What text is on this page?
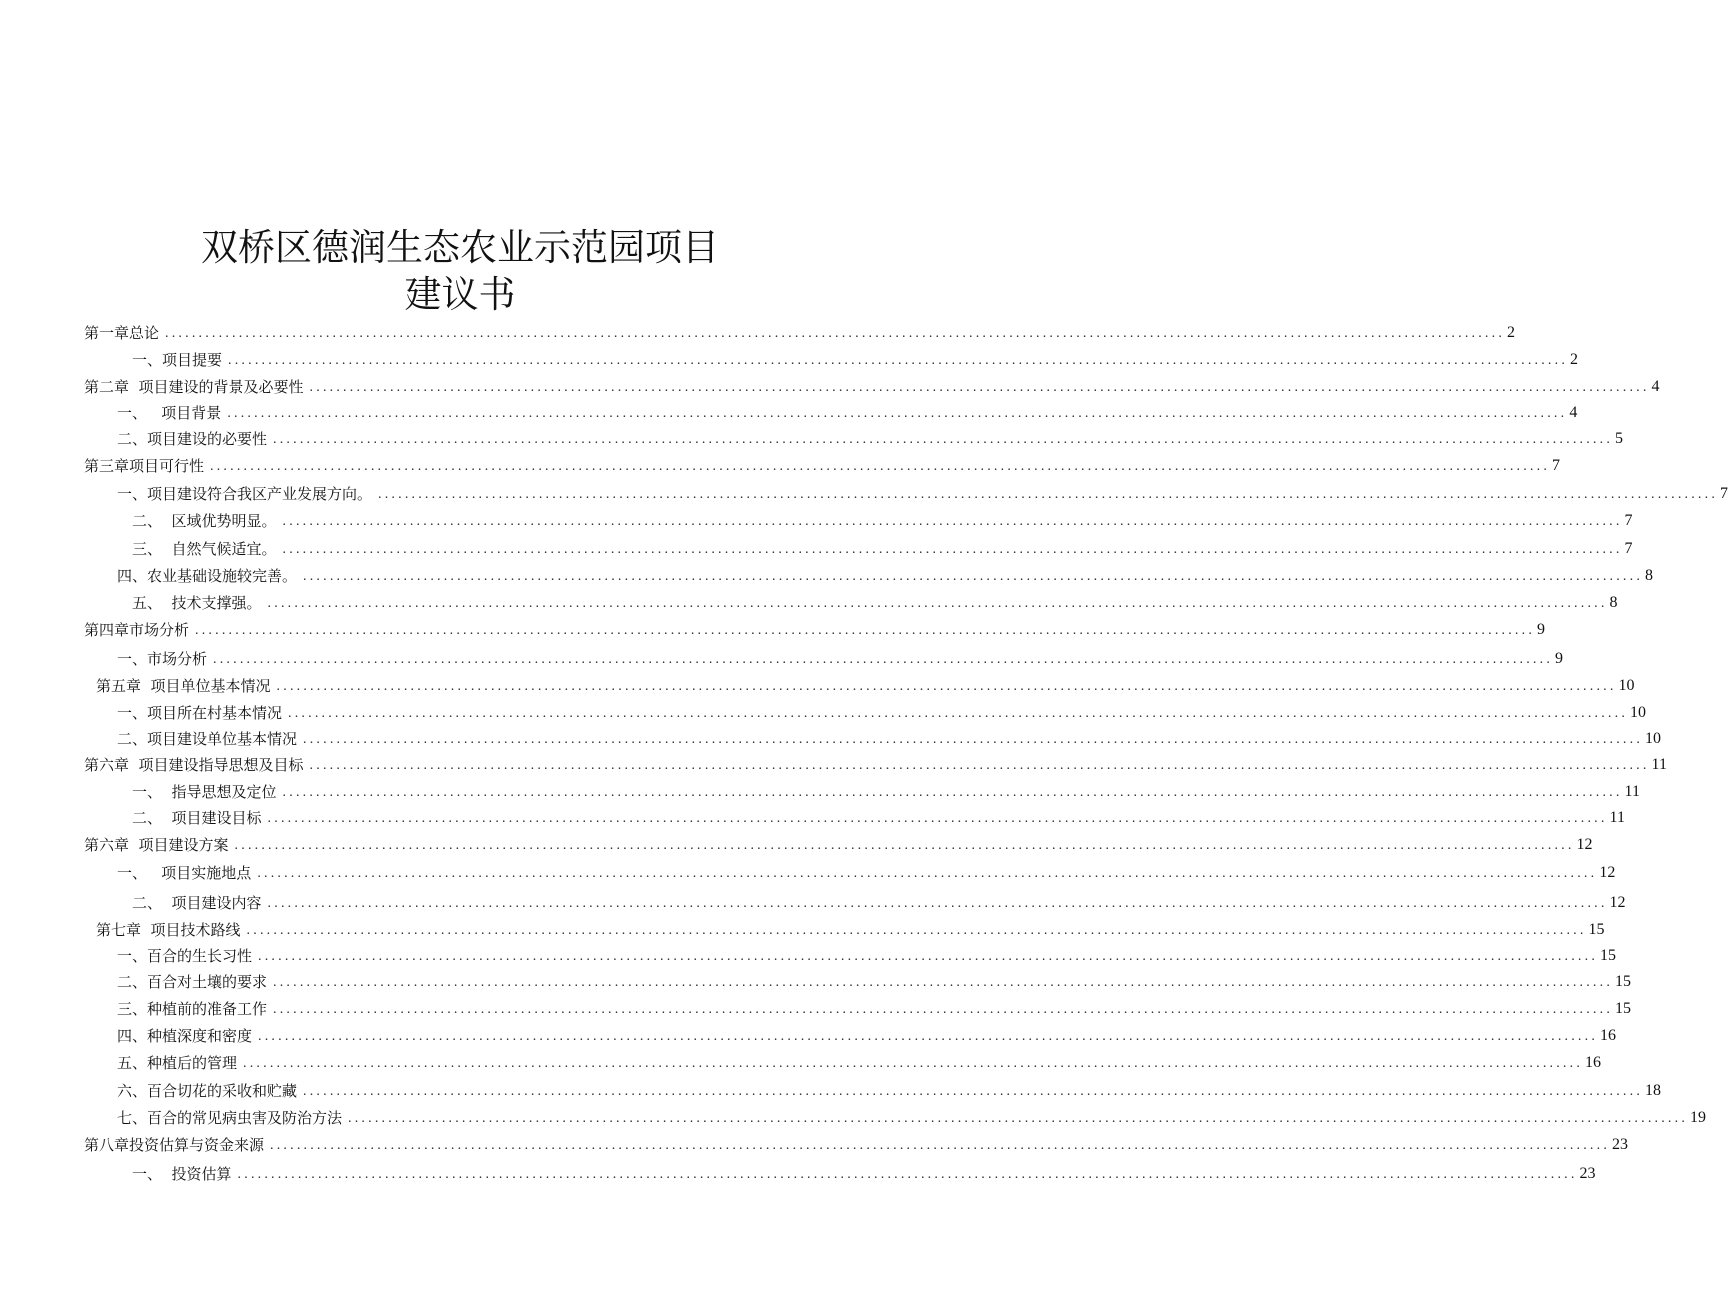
双桥区德润生态农业示范园项目
建议书
第一章总论 ........................................................................................................................................................................................................ 2
一、项目提要 ........................................................................................................................................................................................................ 2
第二章  项目建设的背景及必要性 ........................................................................................................................................................................................................ 4
一、   项目背景 ........................................................................................................................................................................................................ 4
二、项目建设的必要性 ........................................................................................................................................................................................................ 5
第三章项目可行性 ........................................................................................................................................................................................................ 7
一、项目建设符合我区产业发展方向。 ........................................................................................................................................................................................................ 7
二、  区域优势明显。 ........................................................................................................................................................................................................ 7
三、  自然气候适宜。 ........................................................................................................................................................................................................ 7
四、农业基础设施较完善。 ........................................................................................................................................................................................................ 8
五、  技术支撑强。 ........................................................................................................................................................................................................ 8
第四章市场分析 ........................................................................................................................................................................................................ 9
一、市场分析 ........................................................................................................................................................................................................ 9
第五章  项目单位基本情况 ........................................................................................................................................................................................................ 10
一、项目所在村基本情况 ........................................................................................................................................................................................................ 10
二、项目建设单位基本情况 ........................................................................................................................................................................................................ 10
第六章  项目建设指导思想及目标 ........................................................................................................................................................................................................ 11
一、  指导思想及定位 ........................................................................................................................................................................................................ 11
二、  项目建设目标 ........................................................................................................................................................................................................ 11
第六章  项目建设方案 ........................................................................................................................................................................................................ 12
一、   项目实施地点 ........................................................................................................................................................................................................ 12
二、  项目建设内容 ........................................................................................................................................................................................................ 12
第七章  项目技术路线 ........................................................................................................................................................................................................ 15
一、百合的生长习性 ........................................................................................................................................................................................................ 15
二、百合对土壤的要求 ........................................................................................................................................................................................................ 15
三、种植前的准备工作 ........................................................................................................................................................................................................ 15
四、种植深度和密度 ........................................................................................................................................................................................................ 16
五、种植后的管理 ........................................................................................................................................................................................................ 16
六、百合切花的采收和贮藏 ........................................................................................................................................................................................................ 18
七、百合的常见病虫害及防治方法 ........................................................................................................................................................................................................ 19
第八章投资估算与资金来源 ........................................................................................................................................................................................................ 23
一、  投资估算 ........................................................................................................................................................................................................ 23
